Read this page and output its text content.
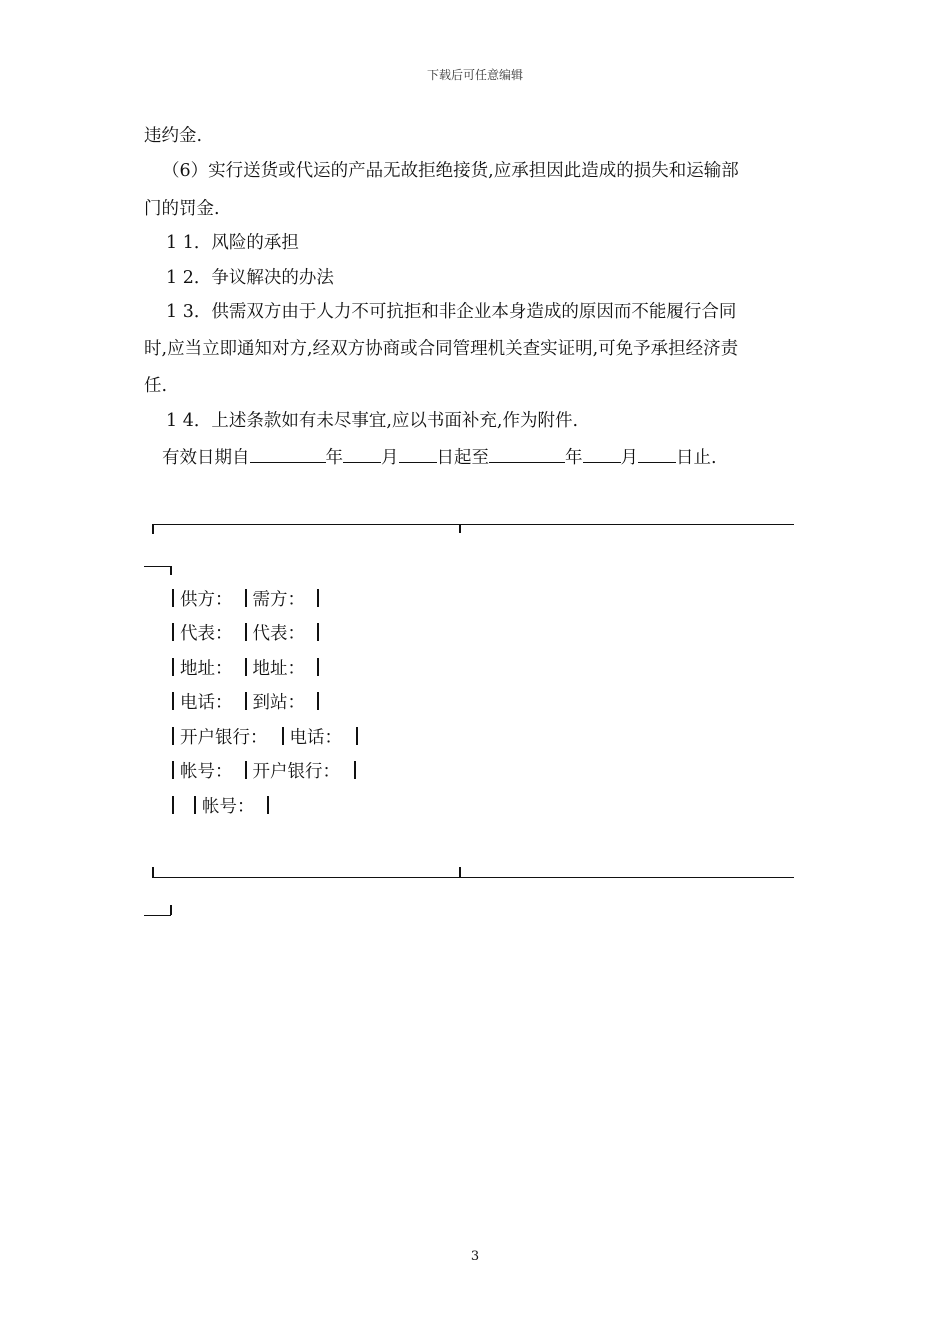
下载后可任意编辑
违约金.
（6）实行送货或代运的产品无故拒绝接货,应承担因此造成的损失和运输部
门的罚金.
1 1．风险的承担
1 2．争议解决的办法
1 3．供需双方由于人力不可抗拒和非企业本身造成的原因而不能履行合同
时,应当立即通知对方,经双方协商或合同管理机关查实证明,可免予承担经济责
任.
1 4．上述条款如有未尽事宜,应以书面补充,作为附件.
有效日期自	年 月 日起至	年 月 日止.
供方： 需方：
代表： 代表：
地址： 地址：
电话： 到站：
开户银行： 电话：
帐号： 开户银行：
帐号：
3
